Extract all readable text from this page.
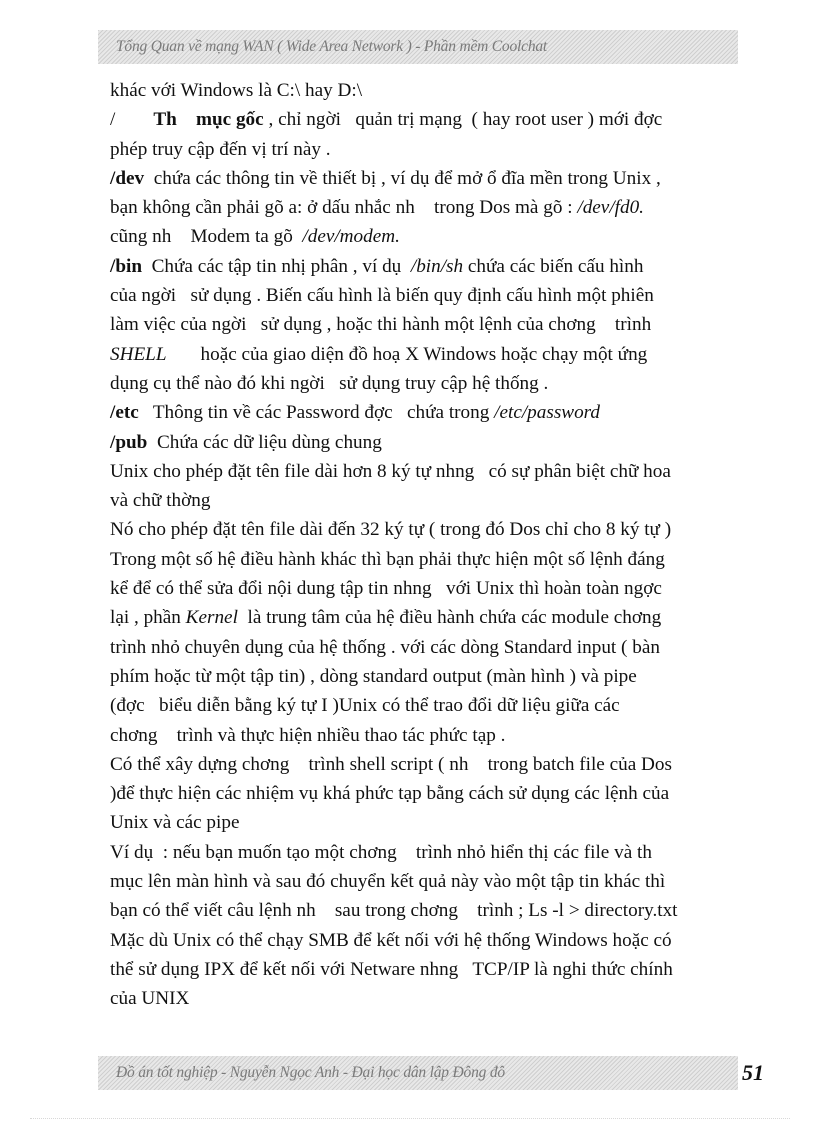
Tổng Quan về mạng WAN ( Wide Area Network ) - Phần mềm Coolchat
khác với Windows là C:\ hay D:\
/ Th    mục gốc , chỉ ngời   quản trị mạng  ( hay root user ) mới đợc
phép truy cập đến vị trí này .
/dev chứa các thông tin về thiết bị , ví dụ để mở ổ đĩa mền trong Unix ,
bạn không cần phải gõ a: ở dấu nhắc nh    trong Dos mà gõ : /dev/fd0.
cũng nh    Modem ta gõ /dev/modem.
/bin Chứa các tập tin nhị phân , ví dụ /bin/sh chứa các biến cấu hình
của ngời   sử dụng . Biến cấu hình là biến quy định cấu hình một phiên
làm việc của ngời   sử dụng , hoặc thi hành một lệnh của chơng    trình
SHELL hoặc của giao diện đồ hoạ X Windows hoặc chạy một ứng
dụng cụ thể nào đó khi ngời   sử dụng truy cập hệ thống .
/etc Thông tin về các Password đợc   chứa trong /etc/password
/pub Chứa các dữ liệu dùng chung
Unix cho phép đặt tên file dài hơn 8 ký tự nhng   có sự phân biệt chữ hoa
và chữ thờng
Nó cho phép đặt tên file dài đến 32 ký tự ( trong đó Dos chỉ cho 8 ký tự )
Trong một số hệ điều hành khác thì bạn phải thực hiện một số lệnh đáng
kể để có thể sửa đổi nội dung tập tin nhng   với Unix thì hoàn toàn ngợc
lại , phần Kernel là trung tâm của hệ điều hành chứa các module chơng
trình nhỏ chuyên dụng của hệ thống . với các dòng Standard input ( bàn
phím hoặc từ một tập tin) , dòng standard output (màn hình ) và pipe
(đợc   biểu diễn bằng ký tự I )Unix có thể trao đổi dữ liệu giữa các
chơng    trình và thực hiện nhiều thao tác phức tạp .
Có thể xây dựng chơng    trình shell script ( nh    trong batch file của Dos
)để thực hiện các nhiệm vụ khá phức tạp bằng cách sử dụng các lệnh của
Unix và các pipe
Ví dụ  : nếu bạn muốn tạo một chơng    trình nhỏ hiển thị các file và th
mục lên màn hình và sau đó chuyển kết quả này vào một tập tin khác thì
bạn có thể viết câu lệnh nh    sau trong chơng    trình ; Ls -l > directory.txt
Mặc dù Unix có thể chạy SMB để kết nối với hệ thống Windows hoặc có
thể sử dụng IPX để kết nối với Netware nhng   TCP/IP là nghi thức chính
của UNIX
Đồ án tốt nghiệp - Nguyễn Ngọc Anh - Đại học dân lập Đông đô	51
